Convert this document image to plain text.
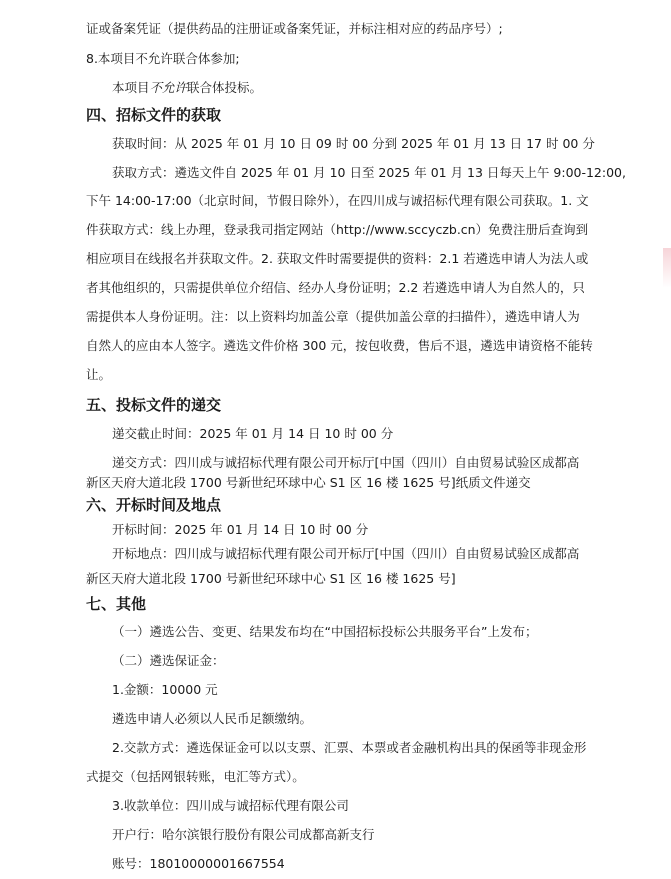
证或备案凭证（提供药品的注册证或备案凭证，并标注相对应的药品序号）;
8.本项目不允许联合体参加;
本项目不允许联合体投标。
四、招标文件的获取
获取时间：从 2025 年 01 月 10 日 09 时 00 分到 2025 年 01 月 13 日 17 时 00 分
获取方式：遴选文件自 2025 年 01 月 10 日至 2025 年 01 月 13 日每天上午 9:00-12:00,
下午 14:00-17:00（北京时间，节假日除外），在四川成与诚招标代理有限公司获取。1. 文
件获取方式：线上办理，登录我司指定网站（http://www.sccyczb.cn）免费注册后查询到
相应项目在线报名并获取文件。2. 获取文件时需要提供的资料：2.1 若遴选申请人为法人或
者其他组织的，只需提供单位介绍信、经办人身份证明；2.2 若遴选申请人为自然人的，只
需提供本人身份证明。注：以上资料均加盖公章（提供加盖公章的扫描件），遴选申请人为
自然人的应由本人签字。遴选文件价格 300 元，按包收费，售后不退，遴选申请资格不能转
让。
五、投标文件的递交
递交截止时间：2025 年 01 月 14 日 10 时 00 分
递交方式：四川成与诚招标代理有限公司开标厅[中国（四川）自由贸易试验区成都高
新区天府大道北段 1700 号新世纪环球中心 S1 区 16 楼 1625 号]纸质文件递交
六、开标时间及地点
开标时间：2025 年 01 月 14 日 10 时 00 分
开标地点：四川成与诚招标代理有限公司开标厅[中国（四川）自由贸易试验区成都高
新区天府大道北段 1700 号新世纪环球中心 S1 区 16 楼 1625 号]
七、其他
（一）遴选公告、变更、结果发布均在“中国招标投标公共服务平台”上发布；
（二）遴选保证金：
1.金额：10000 元
遴选申请人必须以人民币足额缴纳。
2.交款方式：遴选保证金可以以支票、汇票、本票或者金融机构出具的保函等非现金形
式提交（包括网银转账，电汇等方式）。
3.收款单位：四川成与诚招标代理有限公司
开户行：哈尔滨银行股份有限公司成都高新支行
账号：18010000001667554
